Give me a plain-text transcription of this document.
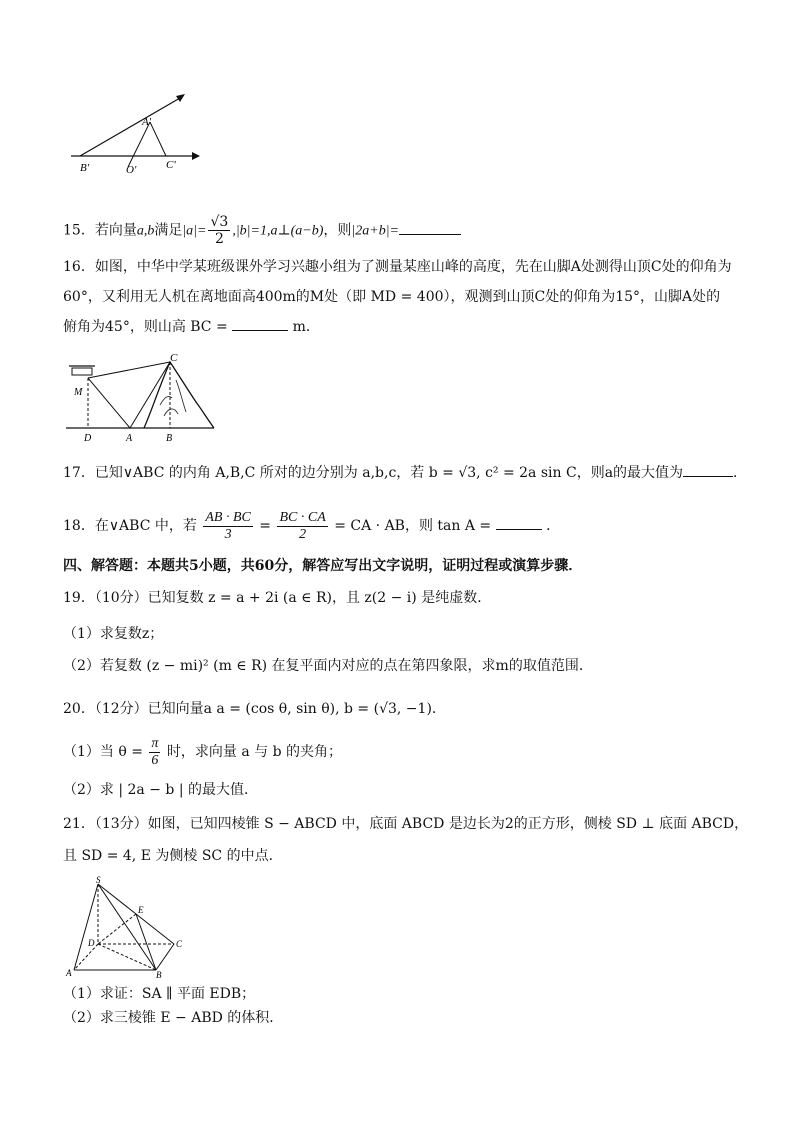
A'
B'	O'	C'
15．若向量a,b满足$|a|= \frac{√3}{2}$ ,|b|=1,a⊥(a−b)，则|2a+b|=
16．如图，中华中学某班级课外学习兴趣小组为了测量某座山峰的高度，先在山脚A处测得山顶C处的仰角为
60°，又利用无人机在离地面高400m的M处（即 MD = 400），观测到山顶C处的仰角为15°，山脚A处的
俯角为45°，则山高 BC =	m．
C
M
D	A	B
17．已知∨ABC 的内角 A,B,C 所对的边分别为 a,b,c，若 b = √3, c² = 2a sin C，则a的最大值为	．
18．在∨ABC 中，若 $\frac{AB \cdot BC}{3} = \frac{BC \cdot CA}{2}$ = CA · AB，则 tan A =	．
四、解答题：本题共5小题，共60分，解答应写出文字说明，证明过程或演算步骤．
19．（10分）已知复数 z = a + 2i (a ∈ R)，且 z(2 − i) 是纯虚数．
（1）求复数z；
（2）若复数 (z − mi)² (m ∈ R) 在复平面内对应的点在第四象限，求m的取值范围．
20．（12分）已知向量a a = (cos θ, sin θ), b = (√3, −1)．
（1）当 $\theta = \frac{\pi}{6}$ 时，求向量 a 与 b 的夹角；
（2）求 | 2a − b | 的最大值．
21．（13分）如图，已知四棱锥 S − ABCD 中，底面 ABCD 是边长为2的正方形，侧棱 SD ⊥ 底面 ABCD，
且 SD = 4, E 为侧棱 SC 的中点．
S
E
D	C
A	B
（1）求证：SA ∥ 平面 EDB；
（2）求三棱锥 E − ABD 的体积．
